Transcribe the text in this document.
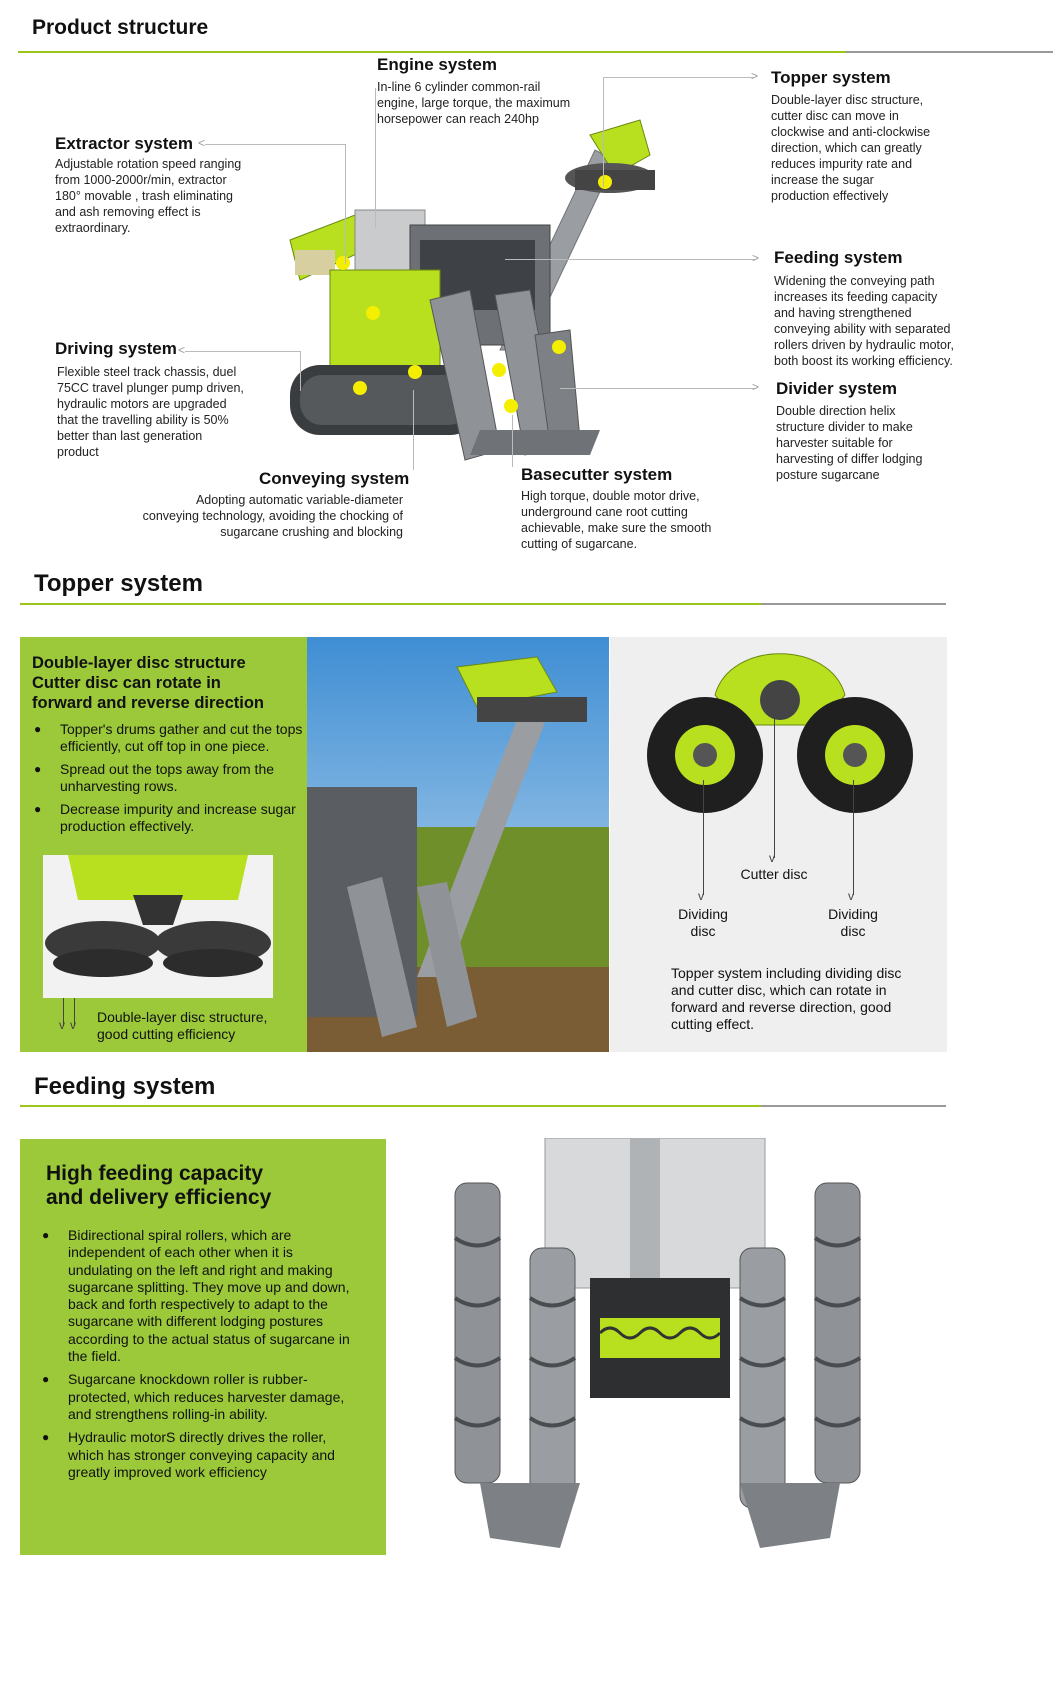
Product structure
>
<
>
<
>
Engine system
In-line 6 cylinder common-rail engine, large torque, the maximum horsepower can reach 240hp
Topper system
Double-layer disc structure, cutter disc can move in clockwise and anti-clockwise direction, which can greatly reduces impurity rate and increase the sugar production effectively
Extractor system
Adjustable rotation speed ranging from 1000-2000r/min, extractor 180° movable , trash eliminating and ash removing effect is extraordinary.
Feeding system
Widening the conveying path increases its feeding capacity and having strengthened conveying ability with separated rollers driven by hydraulic motor, both boost its working efficiency.
Driving system
Flexible steel track chassis, duel 75CC travel plunger pump driven, hydraulic motors are upgraded that the travelling ability is 50% better than last generation product
Divider system
Double direction helix structure divider to make harvester suitable for harvesting of differ lodging posture sugarcane
Conveying system
Adopting automatic variable-diameter conveying technology, avoiding the chocking of sugarcane crushing and blocking
Basecutter system
High torque, double motor drive, underground cane root cutting achievable, make sure the smooth cutting of sugarcane.
Topper system
Double-layer disc structure Cutter disc can rotate in forward and reverse direction
● Topper's drums gather and cut the tops efficiently, cut off top in one piece.
● Spread out the tops away from the unharvesting rows.
● Decrease impurity and increase sugar production effectively.
v v Double-layer disc structure, good cutting efficiency
v
v	v
Cutter disc
Dividing disc
Dividing disc
Topper system including dividing disc and cutter disc, which can rotate in forward and reverse direction, good cutting effect.
Feeding system
High feeding capacity and delivery efficiency
● Bidirectional spiral rollers, which are independent of each other when it is undulating on the left and right and making sugarcane splitting. They move up and down, back and forth respectively to adapt to the sugarcane with different lodging postures according to the actual status of sugarcane in the field.
● Sugarcane knockdown roller is rubber-protected, which reduces harvester damage, and strengthens rolling-in ability.
● Hydraulic motorS directly drives the roller, which has stronger conveying capacity and greatly improved work efficiency
